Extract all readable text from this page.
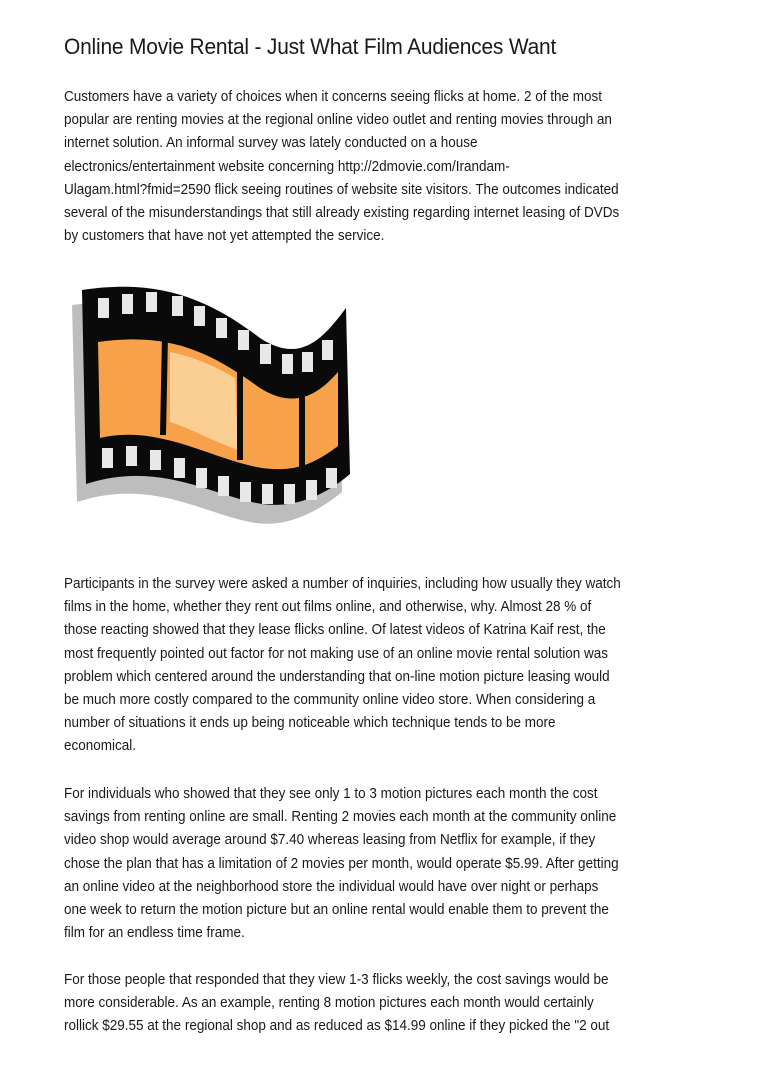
Online Movie Rental - Just What Film Audiences Want
Customers have a variety of choices when it concerns seeing flicks at home. 2 of the most
popular are renting movies at the regional online video outlet and renting movies through an
internet solution. An informal survey was lately conducted on a house
electronics/entertainment website concerning http://2dmovie.com/Irandam-
Ulagam.html?fmid=2590 flick seeing routines of website site visitors. The outcomes indicated
several of the misunderstandings that still already existing regarding internet leasing of DVDs
by customers that have not yet attempted the service.
Participants in the survey were asked a number of inquiries, including how usually they watch
films in the home, whether they rent out films online, and otherwise, why. Almost 28 % of
those reacting showed that they lease flicks online. Of latest videos of Katrina Kaif rest, the
most frequently pointed out factor for not making use of an online movie rental solution was
problem which centered around the understanding that on-line motion picture leasing would
be much more costly compared to the community online video store. When considering a
number of situations it ends up being noticeable which technique tends to be more
economical.
For individuals who showed that they see only 1 to 3 motion pictures each month the cost
savings from renting online are small. Renting 2 movies each month at the community online
video shop would average around $7.40 whereas leasing from Netflix for example, if they
chose the plan that has a limitation of 2 movies per month, would operate $5.99. After getting
an online video at the neighborhood store the individual would have over night or perhaps
one week to return the motion picture but an online rental would enable them to prevent the
film for an endless time frame.
For those people that responded that they view 1-3 flicks weekly, the cost savings would be
more considerable. As an example, renting 8 motion pictures each month would certainly
rollick $29.55 at the regional shop and as reduced as $14.99 online if they picked the "2 out
